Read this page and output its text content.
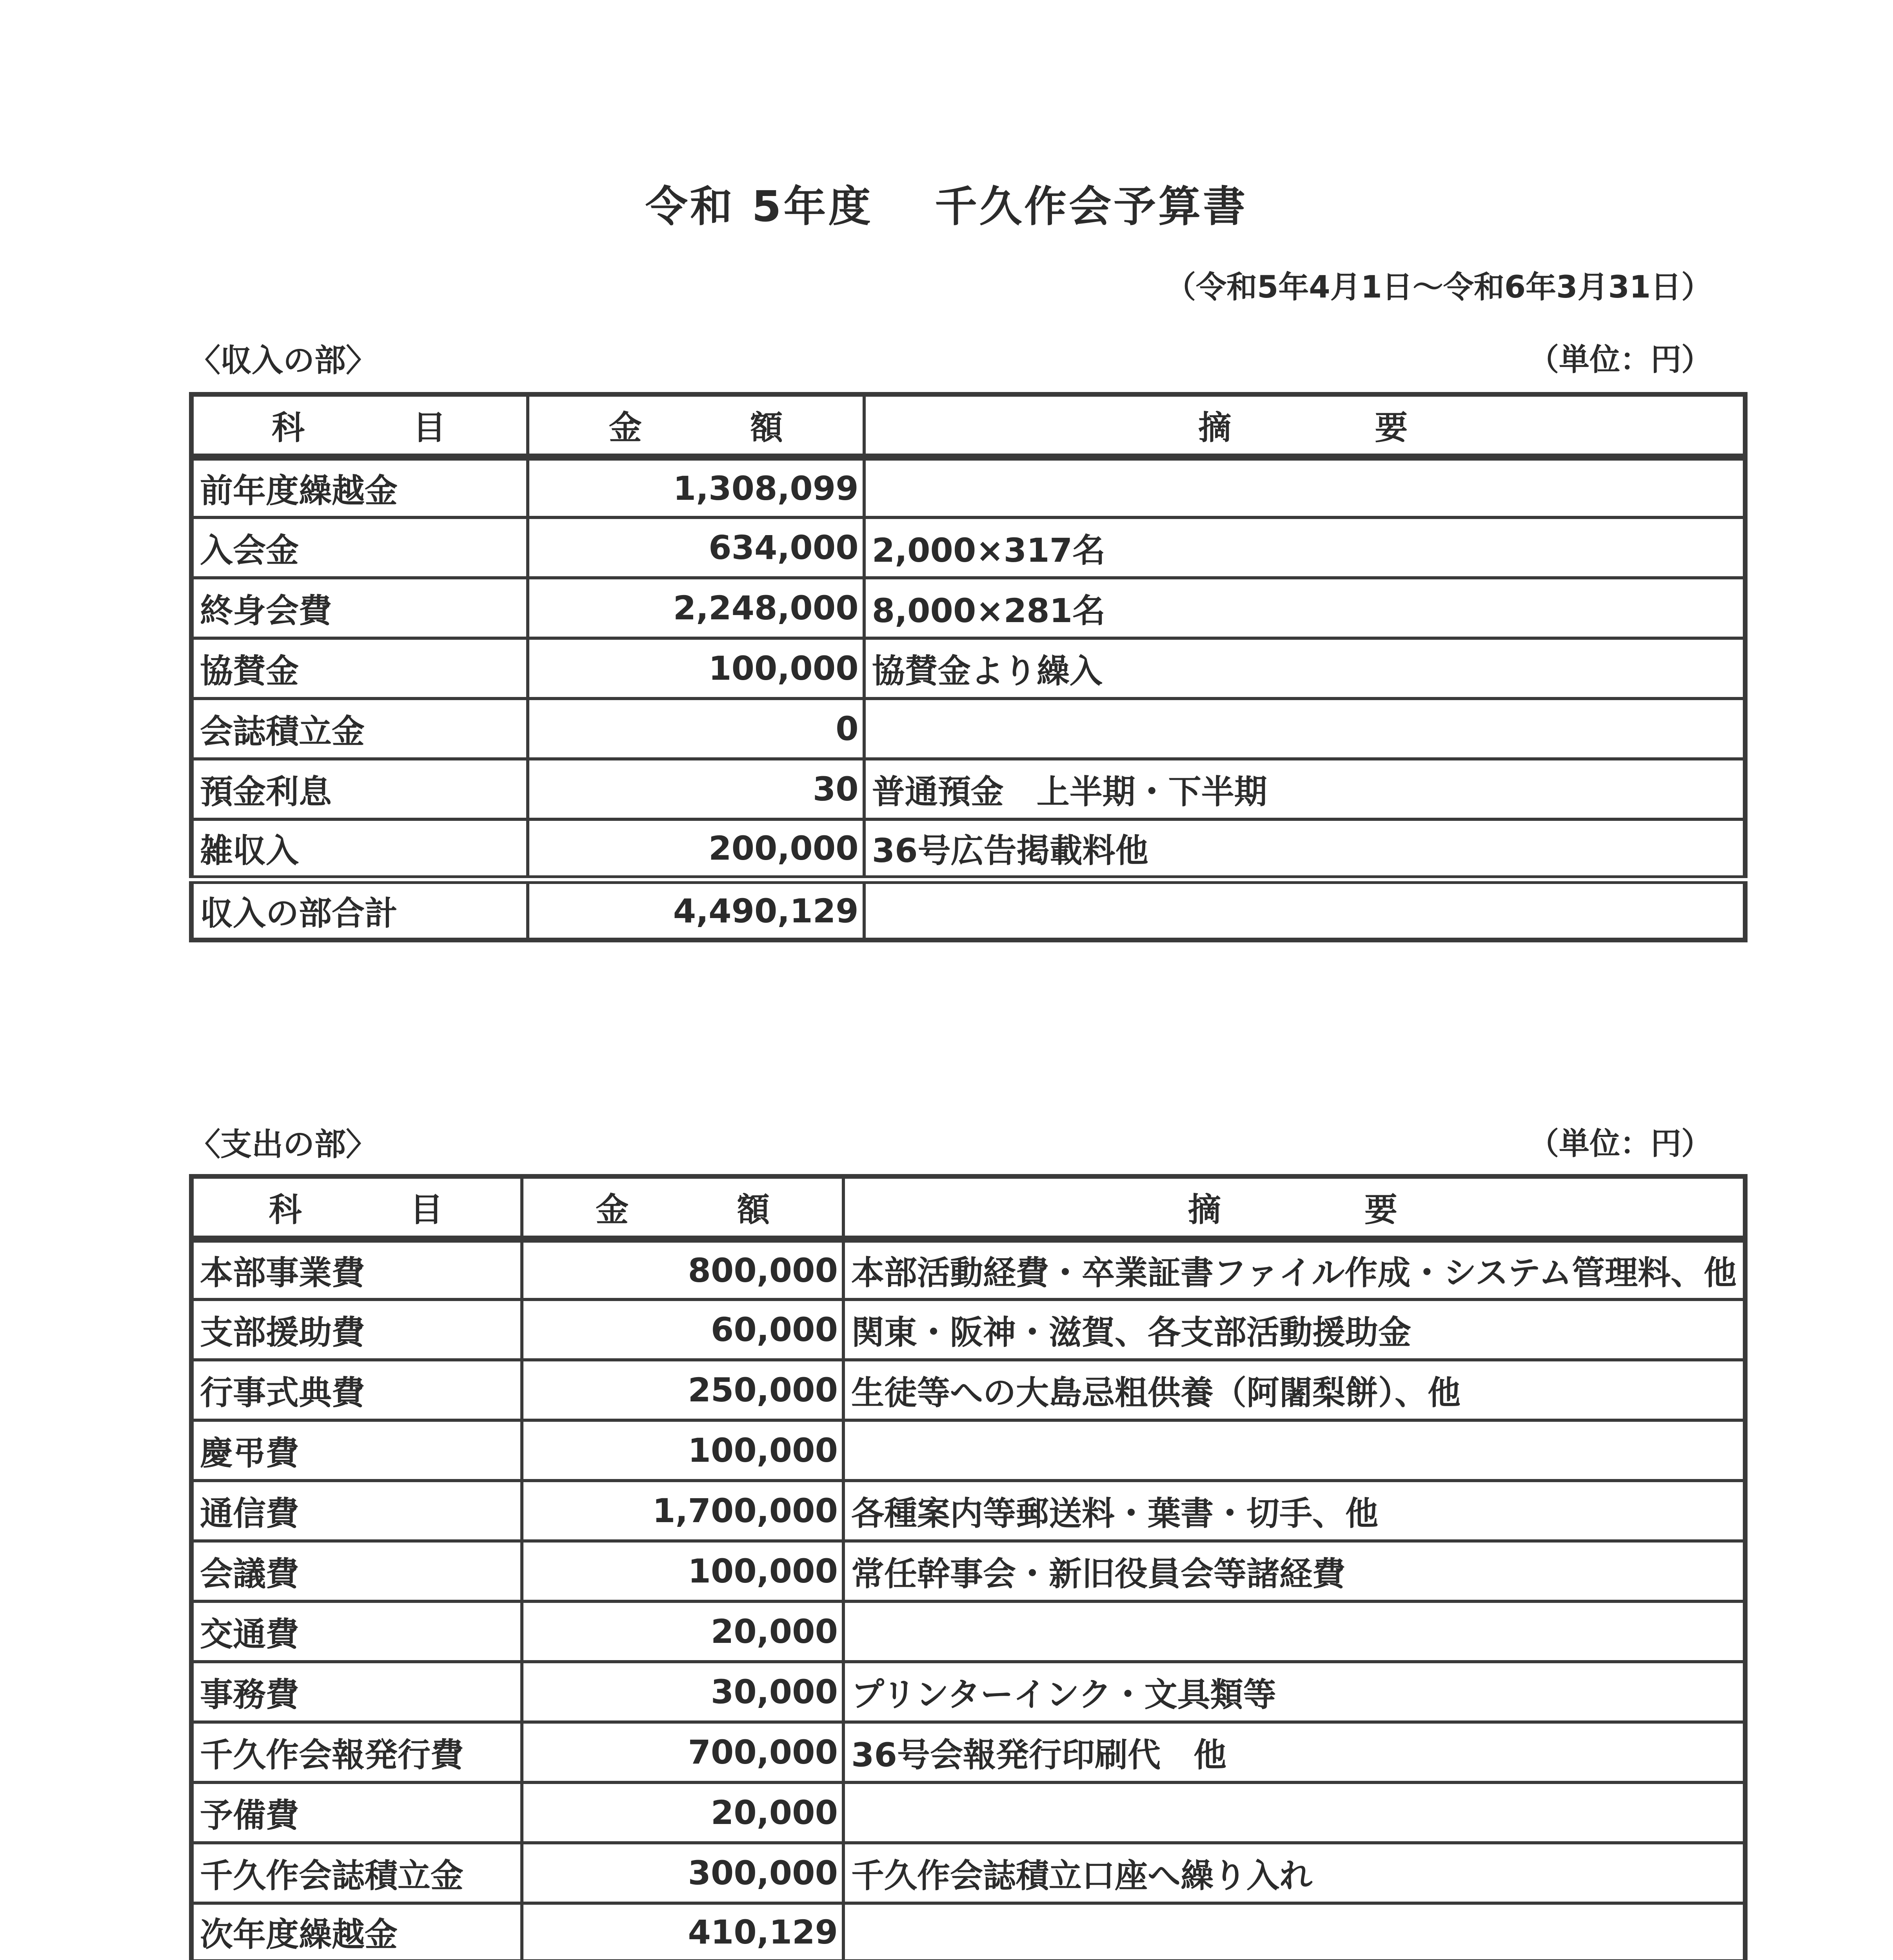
令和 5年度 　千久作会予算書
（令和5年4月1日～令和6年3月31日）
〈収入の部〉	（単位：円）
科　　　目	金　　　額	摘　　　　要
前年度繰越金	1,308,099	
入会金	634,000	2,000×317名
終身会費	2,248,000	8,000×281名
協賛金	100,000	協賛金より繰入
会誌積立金	0	
預金利息	30	普通預金　上半期・下半期
雑収入	200,000	36号広告掲載料他
収入の部合計	4,490,129	
〈支出の部〉	（単位：円）
科　　　目	金　　　額	摘　　　　要
本部事業費	800,000	本部活動経費・卒業証書ファイル作成・システム管理料、他
支部援助費	60,000	関東・阪神・滋賀、各支部活動援助金
行事式典費	250,000	生徒等への大島忌粗供養（阿闍梨餅）、他
慶弔費	100,000	
通信費	1,700,000	各種案内等郵送料・葉書・切手、他
会議費	100,000	常任幹事会・新旧役員会等諸経費
交通費	20,000	
事務費	30,000	プリンターインク・文具類等
千久作会報発行費	700,000	36号会報発行印刷代　他
予備費	20,000	
千久作会誌積立金	300,000	千久作会誌積立口座へ繰り入れ
次年度繰越金	410,129	
